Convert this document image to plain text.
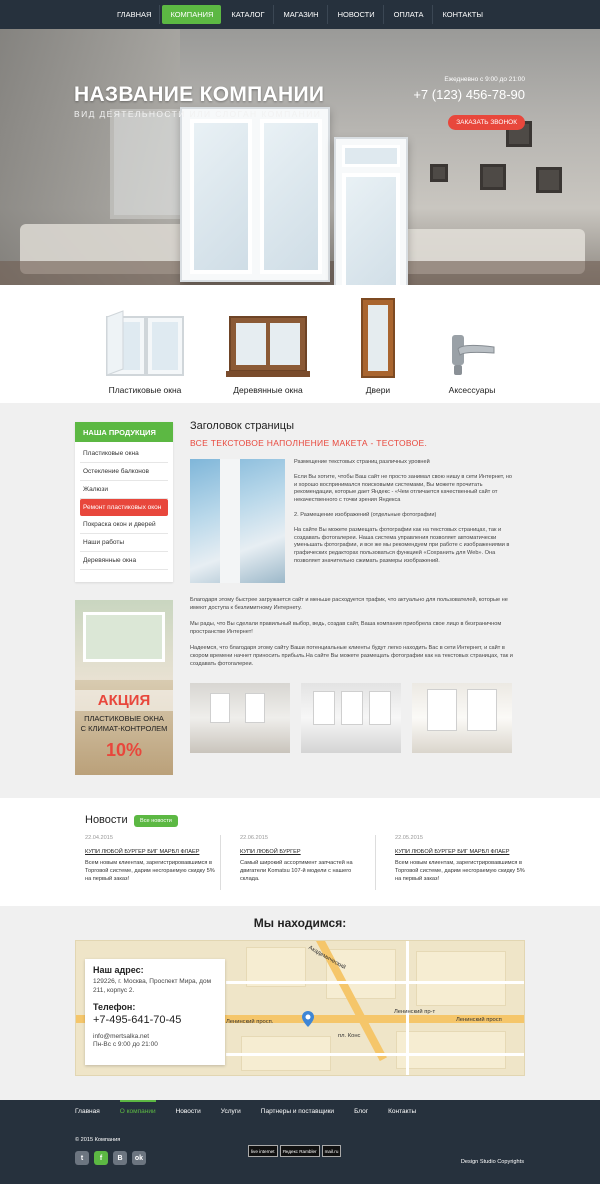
ГЛАВНАЯ	КОМПАНИЯ	КАТАЛОГ	МАГАЗИН	НОВОСТИ	ОПЛАТА	КОНТАКТЫ
НАЗВАНИЕ КОМПАНИИ
ВИД ДЕЯТЕЛЬНОСТИ ИЛИ СЛОГАН КОМПАНИИ
Ежедневно с 9:00 до 21:00
+7 (123) 456-78-90
ЗАКАЗАТЬ ЗВОНОК
Пластиковые окна	Деревянные окна	Двери	Аксессуары
НАША ПРОДУКЦИЯ
Пластиковые окна
Остекление балконов
Жалюзи
Ремонт пластиковых окон
Покраска окон и дверей
Наши работы
Деревянные окна
АКЦИЯ
ПЛАСТИКОВЫЕ ОКНА
С КЛИМАТ-КОНТРОЛЕМ
10%
Заголовок страницы
ВСЕ ТЕКСТОВОЕ НАПОЛНЕНИЕ МАКЕТА - ТЕСТОВОЕ.

Размещение текстовых страниц различных уровней

Если Вы хотите, чтобы Ваш сайт не просто занимал свою нишу в сети Интернет, но и хорошо воспринимался поисковыми системами, Вы можете прочитать рекомендации, которые дает Яндекс - «Чем отличается качественный сайт от некачественного с точки зрения Яндекса

2. Размещение изображений (отдельные фотографии)

На сайте Вы можете размещать фотографии как на текстовых страницах, так и создавать фотогалереи. Наша система управления позволяет автоматически уменьшать фотографии, и все же мы рекомендуем при работе с изображениями в графических редакторах пользоваться функцией «Сохранить для Web». Она позволяет значительно сжимать размеры изображений.

Благодаря этому быстрее загружается сайт и меньше расходуется трафик, что актуально для пользователей, которые не имеют доступа к безлимитному Интернету.
Мы рады, что Вы сделали правильный выбор, ведь, создав сайт, Ваша компания приобрела свое лицо в безграничном пространстве Интернет!
Надеемся, что благодаря этому сайту Ваши потенциальные клиенты будут легко находить Вас в сети Интернет, и сайт в скором времени начнет приносить прибыль.На сайте Вы можете размещать фотографии как на текстовых страницах, так и создавать фотогалереи.
Новости	Все новости
22.04.2015
КУПИ ЛЮБОЙ БУРГЕР БИГ МАРБЛ ФЛАЕР
Всем новым клиентам, зарегистрировавшимся в Торговой системе, дарим несгораемую скидку 5% на первый заказ!
22.06.2015
КУПИ ЛЮБОЙ БУРГЕР
Самый широкий ассортимент запчастей на двигатели Komatsu 107-й модели с нашего склада.
22.05.2015
КУПИ ЛЮБОЙ БУРГЕР БИГ МАРБЛ ФЛАЕР
Всем новым клиентам, зарегистрировавшимся в Торговой системе, дарим несгораемую скидку 5% на первый заказ!
Мы находимся:
Ленинский просп.
Ленинский пр-т
Ленинский просп
пл. Конс
Академический
Наш адрес:
129226, г. Москва, Проспект Мира, дом 211, корпус 2.
Телефон:
+7-495-641-70-45
info@mertsalka.net
Пн-Вс с 9:00 до 21:00
Главная	О компании	Новости	Услуги	Партнеры и поставщики	Блог	Контакты
© 2015 Компания
t	f	B	ok
live internet	Яндекс Rambler	mail.ru
Design Studio Copyrights
